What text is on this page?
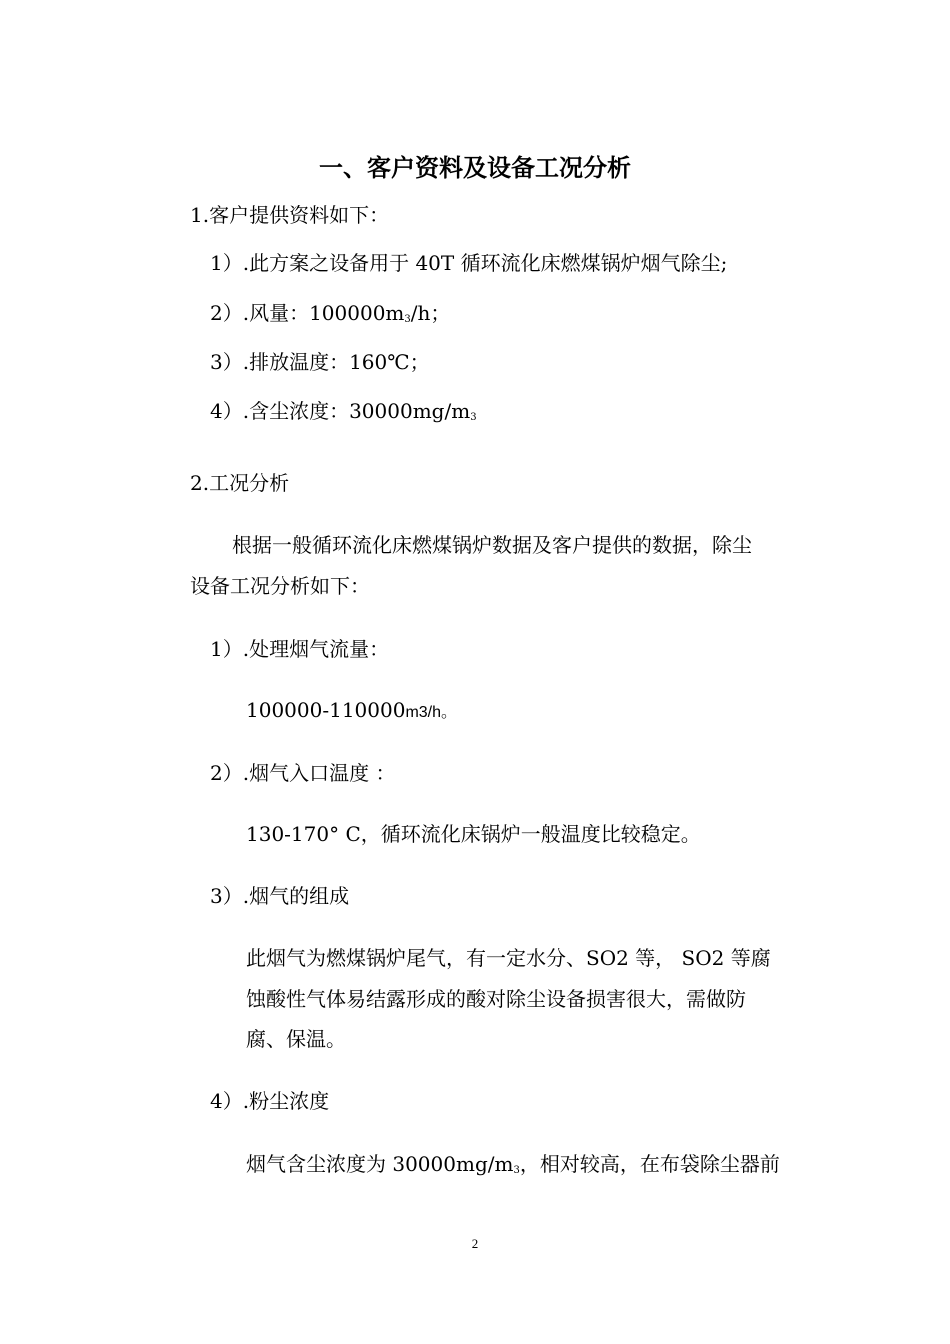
一、客户资料及设备工况分析
1.客户提供资料如下：
1）.此方案之设备用于 40T 循环流化床燃煤锅炉烟气除尘;
2）.风量：$100000m_3/h$；
3）.排放温度：160℃；
4）.含尘浓度：$30000mg/m_3$
2.工况分析
根据一般循环流化床燃煤锅炉数据及客户提供的数据，除尘
设备工况分析如下：
1）.处理烟气流量：
100000-110000m3/h。
2）.烟气入口温度 ：
130-170° C，循环流化床锅炉一般温度比较稳定。
3）.烟气的组成
此烟气为燃煤锅炉尾气，有一定水分、SO2 等， SO2 等腐
蚀酸性气体易结露形成的酸对除尘设备损害很大，需做防
腐、保温。
4）.粉尘浓度
烟气含尘浓度为 $30000mg/m_3$，相对较高，在布袋除尘器前
2
